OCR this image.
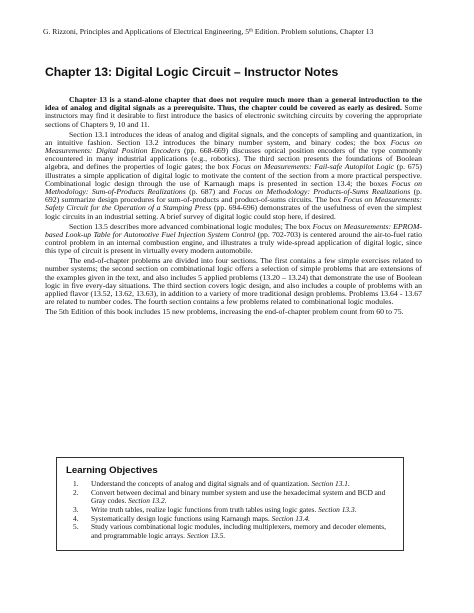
G. Rizzoni, Principles and Applications of Electrical Engineering, 5th Edition. Problem solutions, Chapter 13
Chapter 13: Digital Logic Circuit – Instructor Notes

Chapter 13 is a stand-alone chapter that does not require much more than a general introduction to the idea of analog and digital signals as a prerequisite. Thus, the chapter could be covered as early as desired. Some instructors may find it desirable to first introduce the basics of electronic switching circuits by covering the appropriate sections of Chapters 9, 10 and 11.

Section 13.1 introduces the ideas of analog and digital signals, and the concepts of sampling and quantization, in an intuitive fashion. Section 13.2 introduces the binary number system, and binary codes; the box Focus on Measurements: Digital Position Encoders (pp. 668-669) discusses optical position encoders of the type commonly encountered in many industrial applications (e.g., robotics). The third section presents the foundations of Boolean algebra, and defines the properties of logic gates; the box Focus on Measurements: Fail-safe Autopilot Logic (p. 675) illustrates a simple application of digital logic to motivate the content of the section from a more practical perspective. Combinational logic design through the use of Karnaugh maps is presented in section 13.4; the boxes Focus on Methodology: Sum-of-Products Realizations (p. 687) and Focus on Methodology: Products-of-Sums Realizations (p. 692) summarize design procedures for sum-of-products and product-of-sums circuits. The box Focus on Measurements: Safety Circuit for the Operation of a Stamping Press (pp. 694-696) demonstrates of the usefulness of even the simplest logic circuits in an industrial setting. A brief survey of digital logic could stop here, if desired.

Section 13.5 describes more advanced combinational logic modules; The box Focus on Measurements: EPROM-based Look-up Table for Automotive Fuel Injection System Control (pp. 702-703) is centered around the air-to-fuel ratio control problem in an internal combustion engine, and illustrates a truly wide-spread application of digital logic, since this type of circuit is present in virtually every modern automobile.

The end-of-chapter problems are divided into four sections. The first contains a few simple exercises related to number systems; the second section on combinational logic offers a selection of simple problems that are extensions of the examples given in the text, and also includes 5 applied problems (13.20 – 13.24) that demonstrate the use of Boolean logic in five every-day situations. The third section covers logic design, and also includes a couple of problems with an applied flavor (13.52, 13.62, 13.63), in addition to a variety of more traditional design problems. Problems 13.64 - 13.67 are related to number codes. The fourth section contains a few problems related to combinational logic modules.

The 5th Edition of this book includes 15 new problems, increasing the end-of-chapter problem count from 60 to 75.

Learning Objectives
1. Understand the concepts of analog and digital signals and of quantization. Section 13.1.
2. Convert between decimal and binary number system and use the hexadecimal system and BCD and Gray codes. Section 13.2.
3. Write truth tables, realize logic functions from truth tables using logic gates. Section 13.3.
4. Systematically design logic functions using Karnaugh maps. Section 13.4.
5. Study various combinational logic modules, including multiplexers, memory and decoder elements, and programmable logic arrays. Section 13.5.
